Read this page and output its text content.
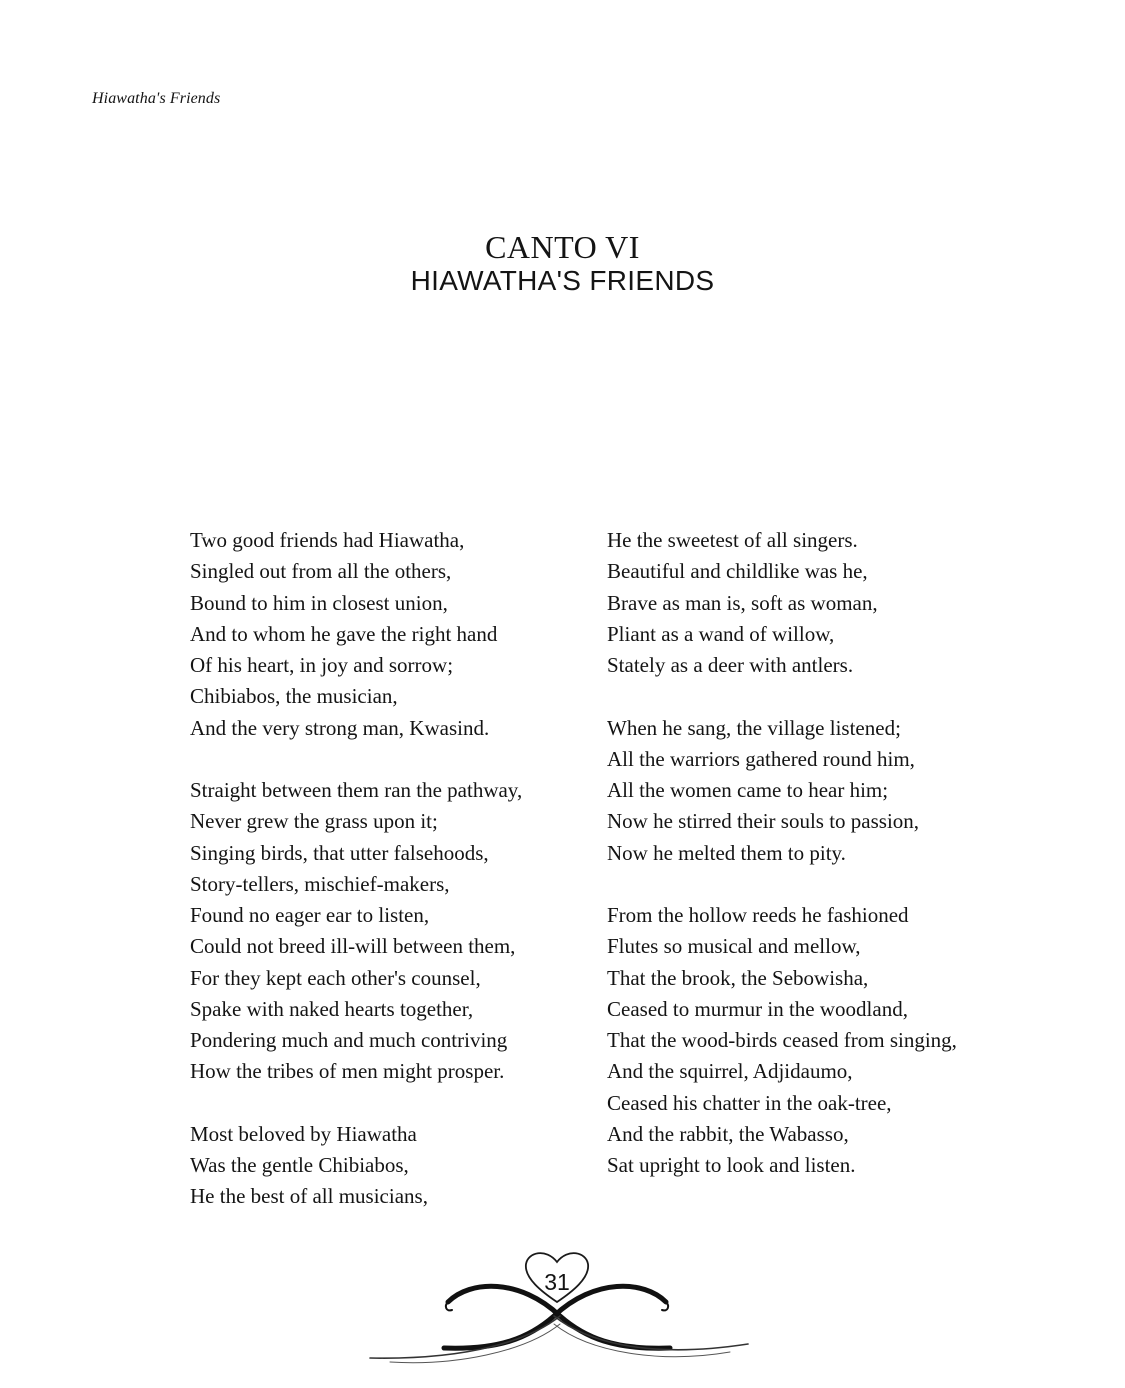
Hiawatha's Friends
CANTO VI
HIAWATHA'S FRIENDS
Two good friends had Hiawatha,
Singled out from all the others,
Bound to him in closest union,
And to whom he gave the right hand
Of his heart, in joy and sorrow;
Chibiabos, the musician,
And the very strong man, Kwasind.
Straight between them ran the pathway,
Never grew the grass upon it;
Singing birds, that utter falsehoods,
Story-tellers, mischief-makers,
Found no eager ear to listen,
Could not breed ill-will between them,
For they kept each other's counsel,
Spake with naked hearts together,
Pondering much and much contriving
How the tribes of men might prosper.
Most beloved by Hiawatha
Was the gentle Chibiabos,
He the best of all musicians,
He the sweetest of all singers.
Beautiful and childlike was he,
Brave as man is, soft as woman,
Pliant as a wand of willow,
Stately as a deer with antlers.
When he sang, the village listened;
All the warriors gathered round him,
All the women came to hear him;
Now he stirred their souls to passion,
Now he melted them to pity.
From the hollow reeds he fashioned
Flutes so musical and mellow,
That the brook, the Sebowisha,
Ceased to murmur in the woodland,
That the wood-birds ceased from singing,
And the squirrel, Adjidaumo,
Ceased his chatter in the oak-tree,
And the rabbit, the Wabasso,
Sat upright to look and listen.
31
